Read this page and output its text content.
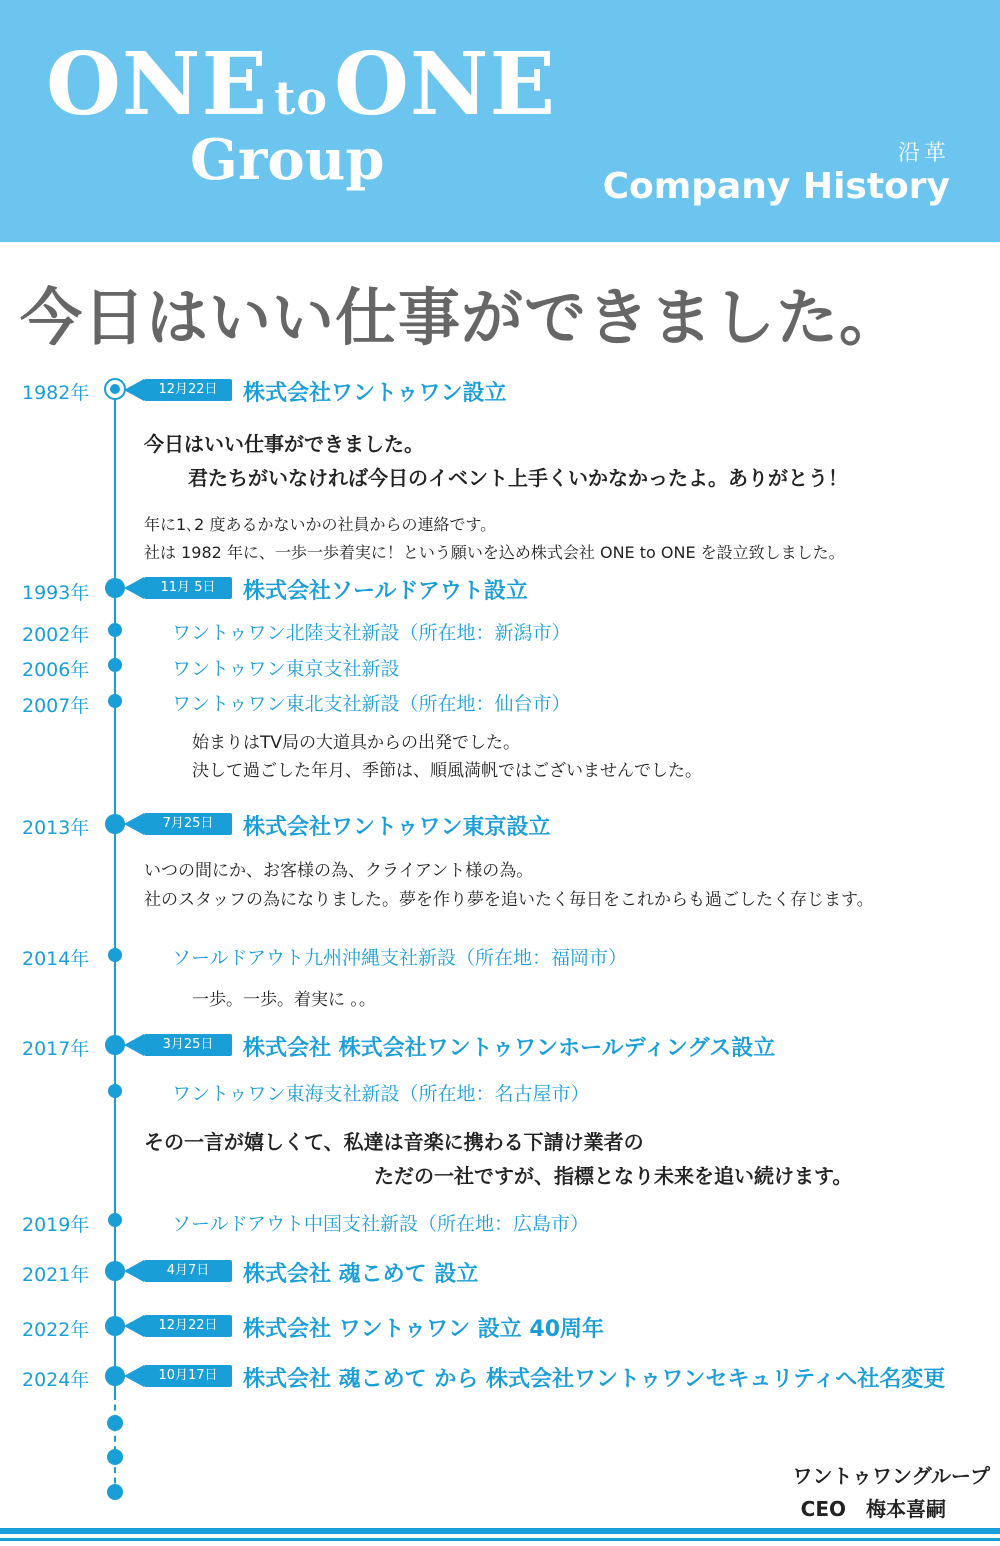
ONE toONE
Group	沿革
Company History
今日はいい仕事ができました。
1982年	12月22日	株式会社ワントゥワン設立
今日はいい仕事ができました。
君たちがいなければ今日のイベント上手くいかなかったよ。ありがとう！
年に1､2 度あるかないかの社員からの連絡です。
社は 1982 年に、一歩一歩着実に！という願いを込め株式会社 ONE to ONE を設立致しました。
1993年	11月 5日	株式会社ソールドアウト設立
2002年	ワントゥワン北陸支社新設（所在地：新潟市）
2006年	ワントゥワン東京支社新設
2007年	ワントゥワン東北支社新設（所在地：仙台市）
始まりはTV局の大道具からの出発でした。
決して過ごした年月、季節は、順風満帆ではございませんでした。
2013年	7月25日	株式会社ワントゥワン東京設立
いつの間にか、お客様の為、クライアント様の為。
社のスタッフの為になりました。夢を作り夢を追いたく毎日をこれからも過ごしたく存じます。
2014年	ソールドアウト九州沖縄支社新設（所在地：福岡市）
一歩。一歩。着実に 。。
2017年	3月25日	株式会社 株式会社ワントゥワンホールディングス設立
ワントゥワン東海支社新設（所在地：名古屋市）
その一言が嬉しくて、私達は音楽に携わる下請け業者の
ただの一社ですが、指標となり未来を追い続けます。
2019年	ソールドアウト中国支社新設（所在地：広島市）
2021年	4月7日	株式会社 魂こめて 設立
2022年	12月22日	株式会社 ワントゥワン 設立 40周年
2024年	10月17日	株式会社 魂こめて から 株式会社ワントゥワンセキュリティへ社名変更
ワントゥワングループ
CEO　梅本喜嗣
